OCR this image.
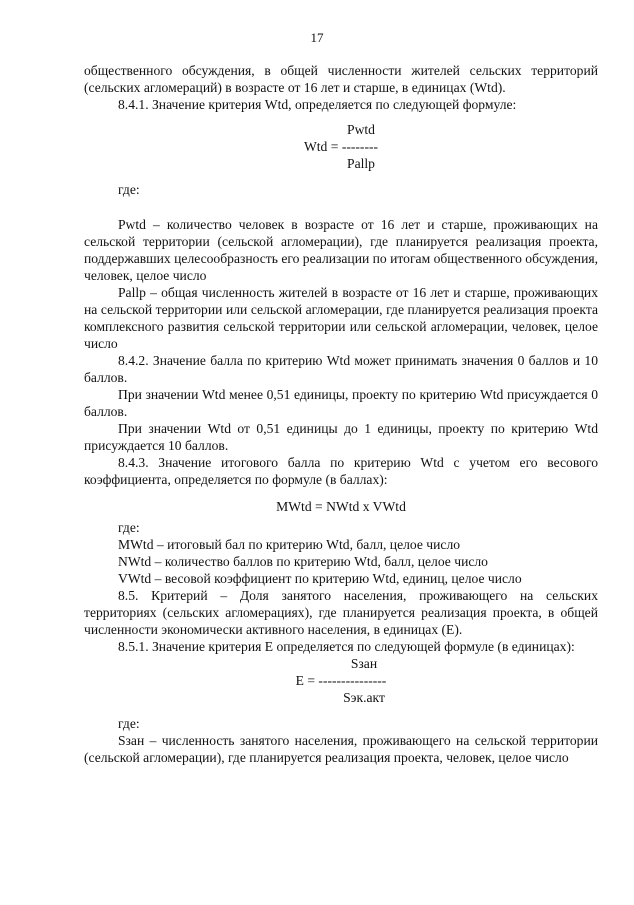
17

общественного обсуждения, в общей численности жителей сельских территорий (сельских агломераций) в возрасте от 16 лет и старше, в единицах (Wtd).

8.4.1. Значение критерия Wtd, определяется по следующей формуле:

Pwtd
Wtd = --------
Pallp

где:

Pwtd – количество человек в возрасте от 16 лет и старше, проживающих на сельской территории (сельской агломерации), где планируется реализация проекта, поддержавших целесообразность его реализации по итогам общественного обсуждения, человек, целое число

Pallp – общая численность жителей в возрасте от 16 лет и старше, проживающих на сельской территории или сельской агломерации, где планируется реализация проекта комплексного развития сельской территории или сельской агломерации, человек, целое число

8.4.2. Значение балла по критерию Wtd может принимать значения 0 баллов и 10 баллов.

При значении Wtd менее 0,51 единицы, проекту по критерию Wtd присуждается 0 баллов.

При значении Wtd от 0,51 единицы до 1 единицы, проекту по критерию Wtd присуждается 10 баллов.

8.4.3. Значение итогового балла по критерию Wtd с учетом его весового коэффициента, определяется по формуле (в баллах):

MWtd = NWtd x VWtd

где:

MWtd – итоговый бал по критерию Wtd, балл, целое число

NWtd – количество баллов по критерию Wtd, балл, целое число

VWtd – весовой коэффициент по критерию Wtd, единиц, целое число

8.5. Критерий – Доля занятого населения, проживающего на сельских территориях (сельских агломерациях), где планируется реализация проекта, в общей численности экономически активного населения, в единицах (Е).

8.5.1. Значение критерия Е определяется по следующей формуле (в единицах):

Sзан
E = ---------------
Sэк.акт

где:

Sзан – численность занятого населения, проживающего на сельской территории (сельской агломерации), где планируется реализация проекта, человек, целое число
